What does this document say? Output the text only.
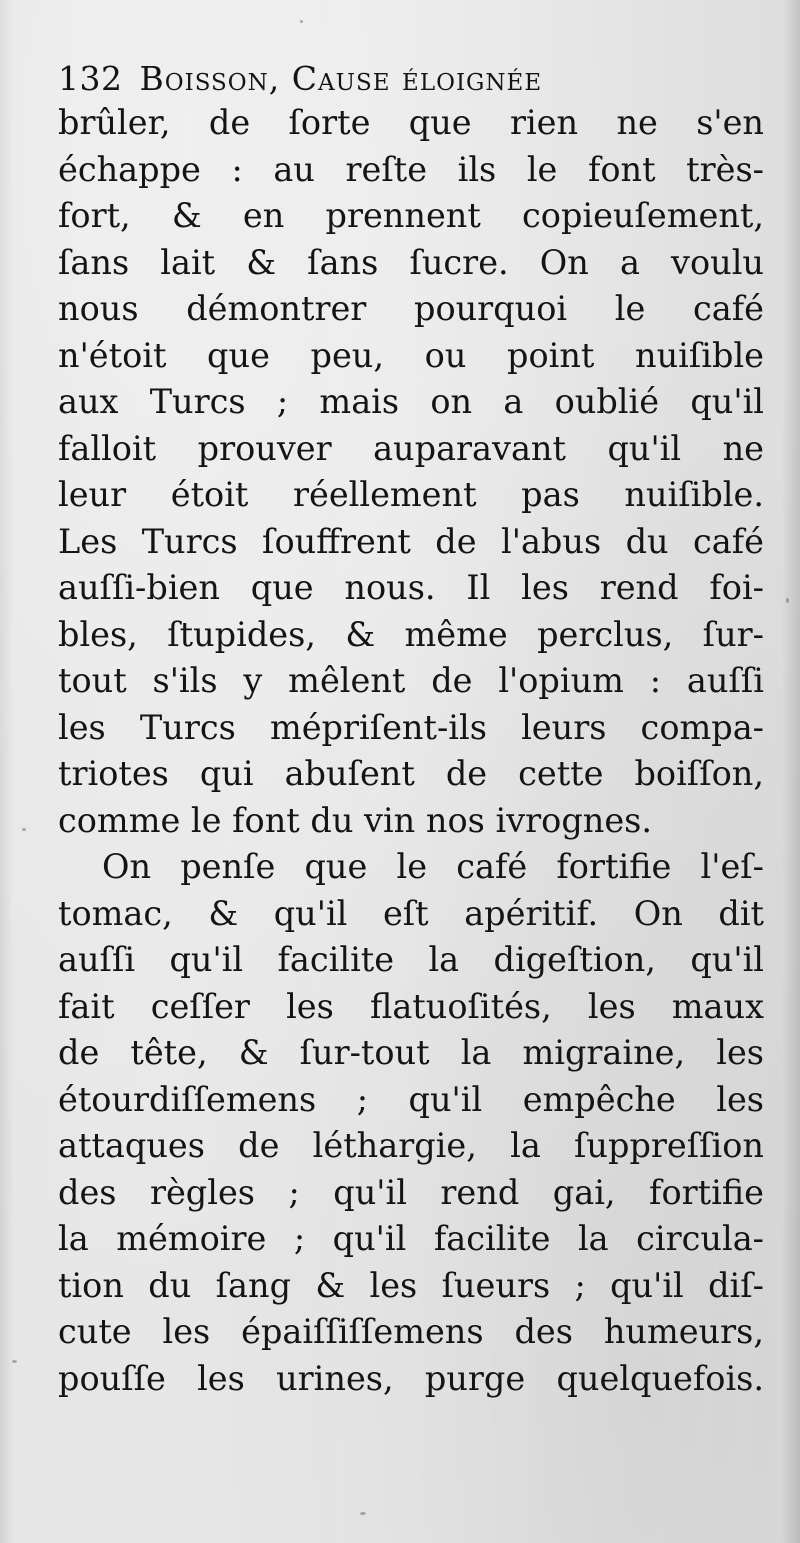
132 Boisson, Cause éloignée
brûler, de ſorte que rien ne s'en
échappe : au reſte ils le font très-
fort, & en prennent copieuſement,
ſans lait & ſans ſucre. On a voulu
nous démontrer pourquoi le café
n'étoit que peu, ou point nuiſible
aux Turcs ; mais on a oublié qu'il
falloit prouver auparavant qu'il ne
leur étoit réellement pas nuiſible.
Les Turcs ſouffrent de l'abus du café
auſſi-bien que nous. Il les rend foi-
bles, ſtupides, & même perclus, ſur-
tout s'ils y mêlent de l'opium : auſſi
les Turcs mépriſent-ils leurs compa-
triotes qui abuſent de cette boiſſon,
comme le font du vin nos ivrognes.
On penſe que le café fortifie l'eſ-
tomac, & qu'il eſt apéritif. On dit
auſſi qu'il facilite la digeſtion, qu'il
fait ceſſer les flatuoſités, les maux
de tête, & ſur-tout la migraine, les
étourdiſſemens ; qu'il empêche les
attaques de léthargie, la ſuppreſſion
des règles ; qu'il rend gai, fortifie
la mémoire ; qu'il facilite la circula-
tion du ſang & les ſueurs ; qu'il diſ-
cute les épaiſſiſſemens des humeurs,
pouſſe les urines, purge quelquefois.
